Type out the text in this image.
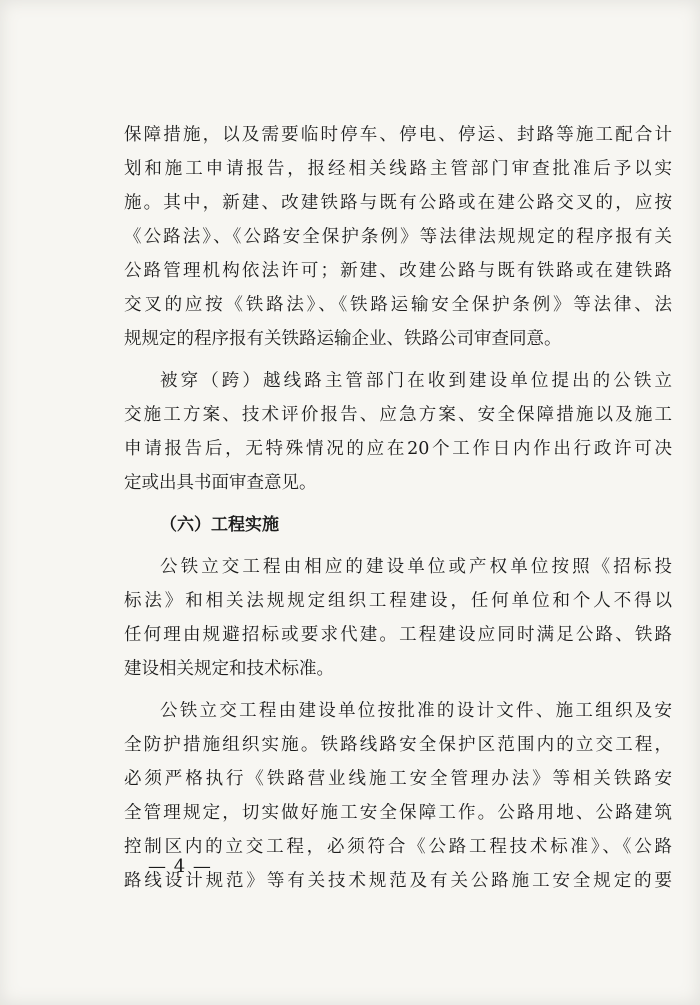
保障措施，以及需要临时停车、停电、停运、封路等施工配合计
划和施工申请报告，报经相关线路主管部门审查批准后予以实
施。其中，新建、改建铁路与既有公路或在建公路交叉的，应按
《公路法》、《公路安全保护条例》等法律法规规定的程序报有关
公路管理机构依法许可；新建、改建公路与既有铁路或在建铁路
交叉的应按《铁路法》、《铁路运输安全保护条例》等法律、法
规规定的程序报有关铁路运输企业、铁路公司审查同意。
被穿（跨）越线路主管部门在收到建设单位提出的公铁立
交施工方案、技术评价报告、应急方案、安全保障措施以及施工
申请报告后，无特殊情况的应在20个工作日内作出行政许可决
定或出具书面审查意见。
（六）工程实施
公铁立交工程由相应的建设单位或产权单位按照《招标投
标法》和相关法规规定组织工程建设，任何单位和个人不得以
任何理由规避招标或要求代建。工程建设应同时满足公路、铁路
建设相关规定和技术标准。
公铁立交工程由建设单位按批准的设计文件、施工组织及安
全防护措施组织实施。铁路线路安全保护区范围内的立交工程，
必须严格执行《铁路营业线施工安全管理办法》等相关铁路安
全管理规定，切实做好施工安全保障工作。公路用地、公路建筑
控制区内的立交工程，必须符合《公路工程技术标准》、《公路
路线设计规范》等有关技术规范及有关公路施工安全规定的要
— 4 —
